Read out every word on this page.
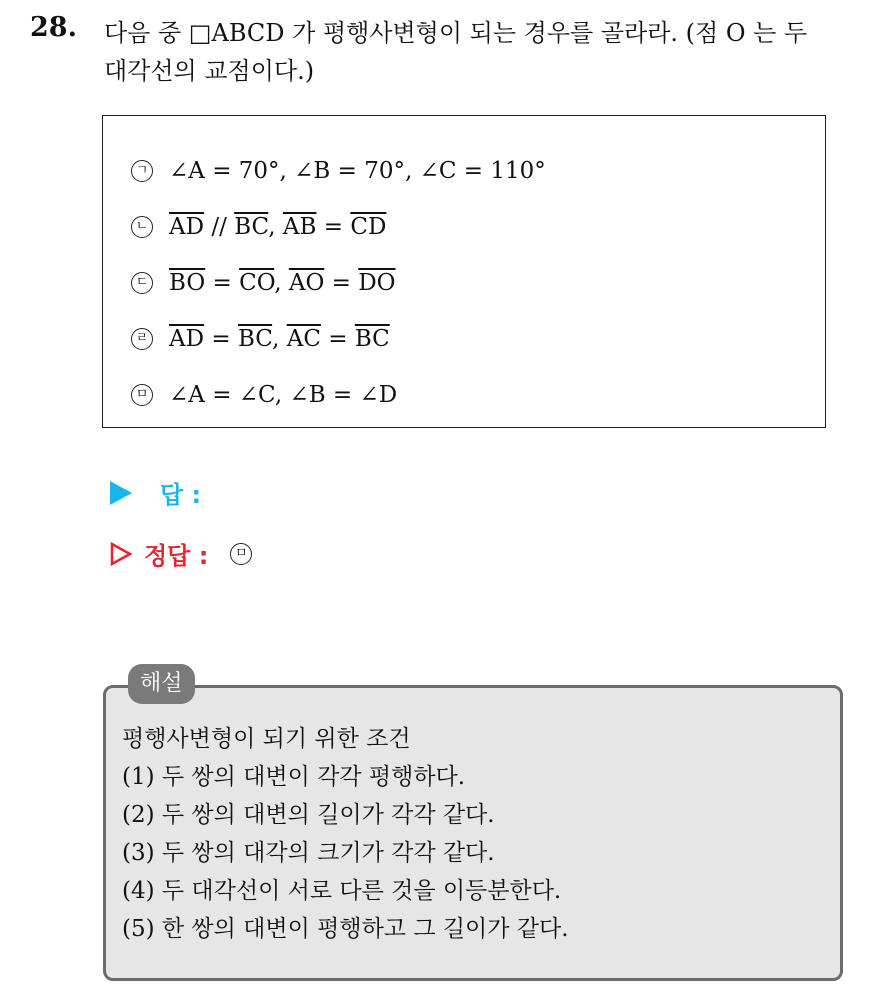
28. 다음 중 □ABCD 가 평행사변형이 되는 경우를 골라라. (점 O 는 두
대각선의 교점이다.)
ㄱ ∠A = 70°, ∠B = 70°, ∠C = 110°
ㄴ $\overline{AD} // \overline{BC}$, $\overline{AB} = \overline{CD}$
ㄷ $\overline{BO} = \overline{CO}$, $\overline{AO} = \overline{DO}$
ㄹ $\overline{AD} = \overline{BC}$, $\overline{AC} = \overline{BC}$
ㅁ ∠A = ∠C, ∠B = ∠D
답 :
정답 :	ㅁ
해설
평행사변형이 되기 위한 조건
(1) 두 쌍의 대변이 각각 평행하다.
(2) 두 쌍의 대변의 길이가 각각 같다.
(3) 두 쌍의 대각의 크기가 각각 같다.
(4) 두 대각선이 서로 다른 것을 이등분한다.
(5) 한 쌍의 대변이 평행하고 그 길이가 같다.
